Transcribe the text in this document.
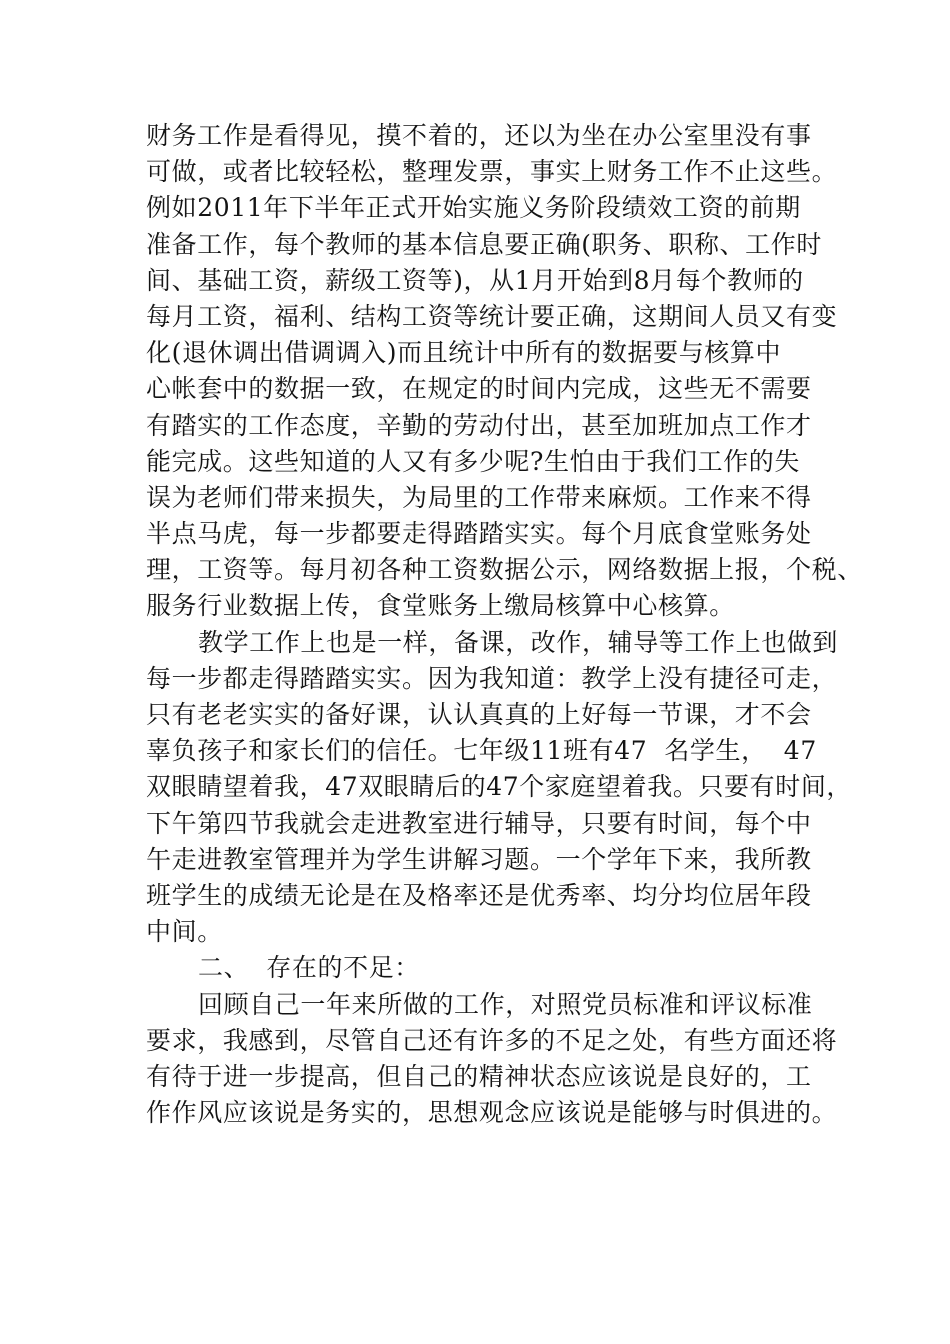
财务工作是看得见，摸不着的，还以为坐在办公室里没有事
可做，或者比较轻松，整理发票，事实上财务工作不止这些。
例如2011年下半年正式开始实施义务阶段绩效工资的前期
准备工作，每个教师的基本信息要正确(职务、职称、工作时
间、基础工资，薪级工资等)，从1月开始到8月每个教师的
每月工资，福利、结构工资等统计要正确，这期间人员又有变
化(退休调出借调调入)而且统计中所有的数据要与核算中
心帐套中的数据一致，在规定的时间内完成，这些无不需要
有踏实的工作态度，辛勤的劳动付出，甚至加班加点工作才
能完成。这些知道的人又有多少呢?生怕由于我们工作的失
误为老师们带来损失，为局里的工作带来麻烦。工作来不得
半点马虎，每一步都要走得踏踏实实。每个月底食堂账务处
理，工资等。每月初各种工资数据公示，网络数据上报，个税、
服务行业数据上传，食堂账务上缴局核算中心核算。
教学工作上也是一样，备课，改作，辅导等工作上也做到
每一步都走得踏踏实实。因为我知道：教学上没有捷径可走，
只有老老实实的备好课，认认真真的上好每一节课，才不会
辜负孩子和家长们的信任。七年级11班有47  名学生，  47
双眼睛望着我，47双眼睛后的47个家庭望着我。只要有时间，
下午第四节我就会走进教室进行辅导，只要有时间，每个中
午走进教室管理并为学生讲解习题。一个学年下来，我所教
班学生的成绩无论是在及格率还是优秀率、均分均位居年段
中间。
二、  存在的不足：
回顾自己一年来所做的工作，对照党员标准和评议标准
要求，我感到，尽管自己还有许多的不足之处，有些方面还将
有待于进一步提高，但自己的精神状态应该说是良好的，工
作作风应该说是务实的，思想观念应该说是能够与时俱进的。
